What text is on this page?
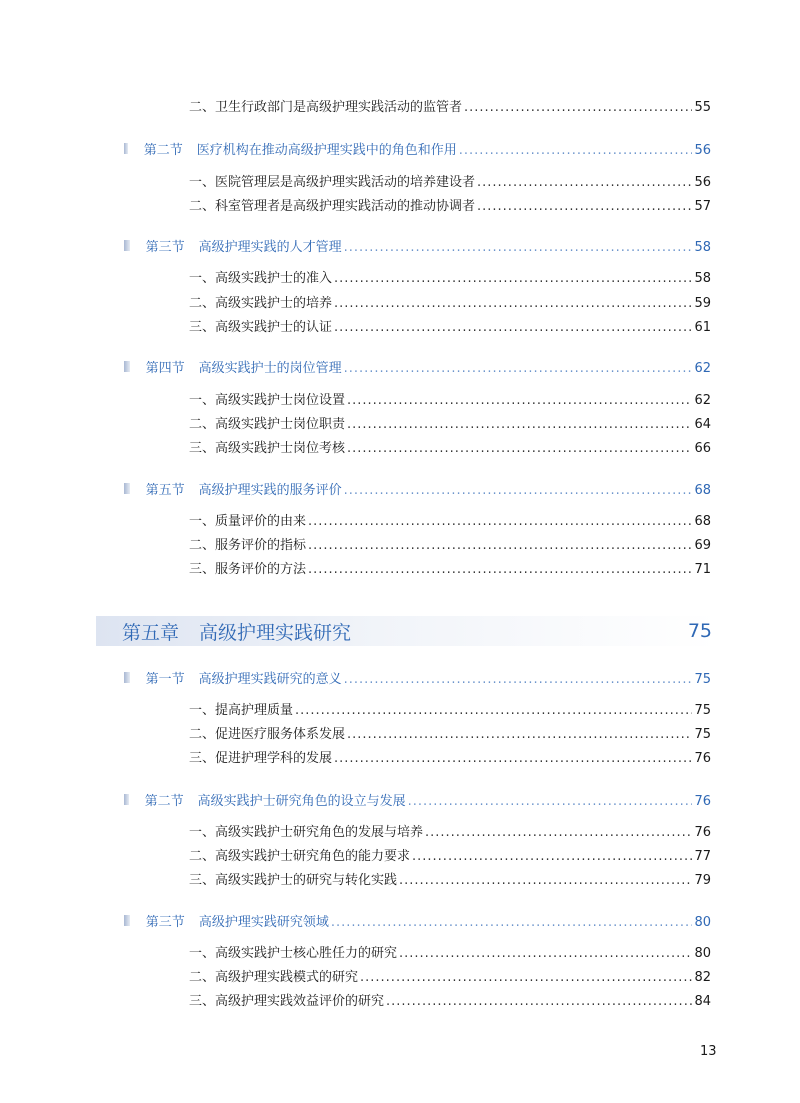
二、卫生行政部门是高级护理实践活动的监管者 .....	55
第二节 医疗机构在推动高级护理实践中的角色和作用 .....	56
一、医院管理层是高级护理实践活动的培养建设者 .....	56
二、科室管理者是高级护理实践活动的推动协调者 .....	57
第三节 高级护理实践的人才管理 .....	58
一、高级实践护士的准入 .....	58
二、高级实践护士的培养 .....	59
三、高级实践护士的认证 .....	61
第四节 高级实践护士的岗位管理 .....	62
一、高级实践护士岗位设置 .....	62
二、高级实践护士岗位职责 .....	64
三、高级实践护士岗位考核 .....	66
第五节 高级护理实践的服务评价 .....	68
一、质量评价的由来 .....	68
二、服务评价的指标 .....	69
三、服务评价的方法 .....	71
第五章 高级护理实践研究	75
第一节 高级护理实践研究的意义 .....	75
一、提高护理质量 .....	75
二、促进医疗服务体系发展 .....	75
三、促进护理学科的发展 .....	76
第二节 高级实践护士研究角色的设立与发展 .....	76
一、高级实践护士研究角色的发展与培养 .....	76
二、高级实践护士研究角色的能力要求 .....	77
三、高级实践护士的研究与转化实践 .....	79
第三节 高级护理实践研究领域 .....	80
一、高级实践护士核心胜任力的研究 .....	80
二、高级护理实践模式的研究 .....	82
三、高级护理实践效益评价的研究 .....	84
13
